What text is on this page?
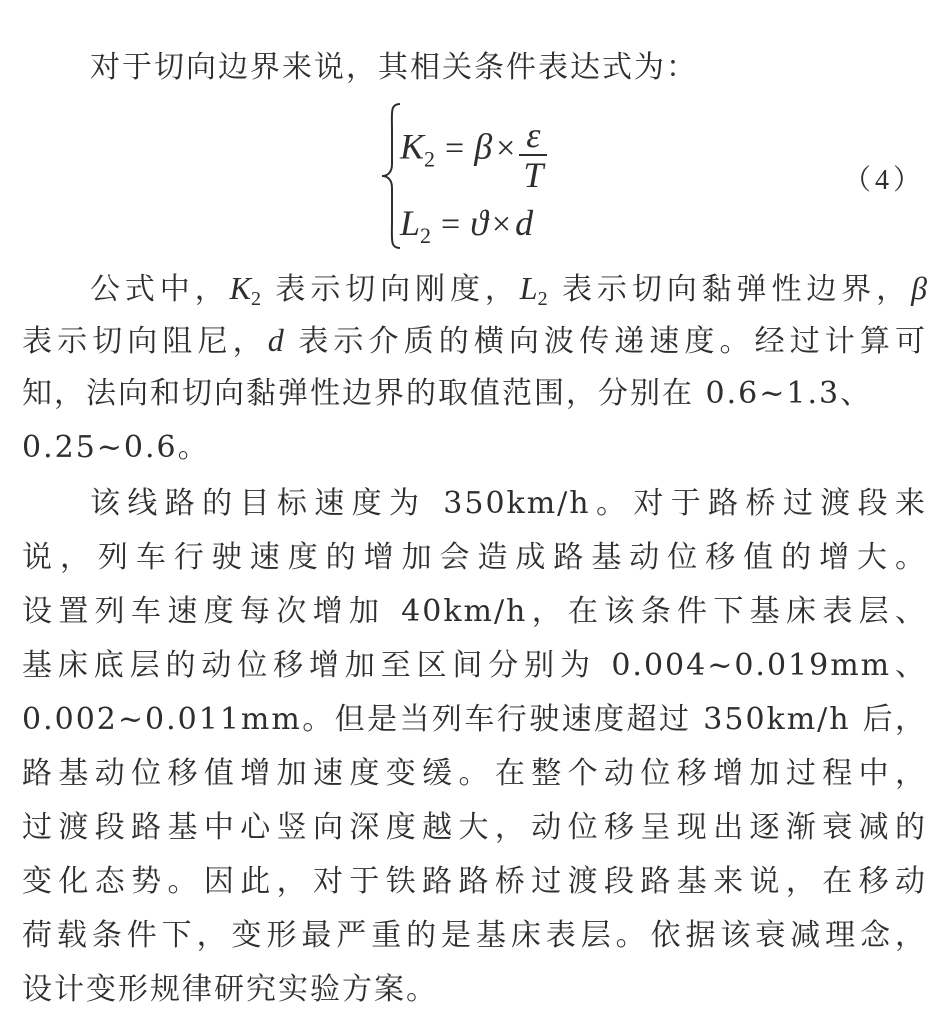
对于切向边界来说，其相关条件表达式为：
$K2 = \beta \times \frac{\varepsilon}{T}$
L2 = ϑ × d
（4）
公式中，$K_2$ 表示切向刚度，$L_2$ 表示切向黏弹性边界，β
表示切向阻尼，d 表示介质的横向波传递速度。经过计算可
知，法向和切向黏弹性边界的取值范围，分别在 0.6~1.3、
0.25~0.6。
该线路的目标速度为 350km/h。对于路桥过渡段来
说，列车行驶速度的增加会造成路基动位移值的增大。
设置列车速度每次增加 40km/h，在该条件下基床表层、
基床底层的动位移增加至区间分别为 0.004~0.019mm、
0.002~0.011mm。但是当列车行驶速度超过 350km/h 后，
路基动位移值增加速度变缓。在整个动位移增加过程中，
过渡段路基中心竖向深度越大，动位移呈现出逐渐衰减的
变化态势。因此，对于铁路路桥过渡段路基来说，在移动
荷载条件下，变形最严重的是基床表层。依据该衰减理念，
设计变形规律研究实验方案。
